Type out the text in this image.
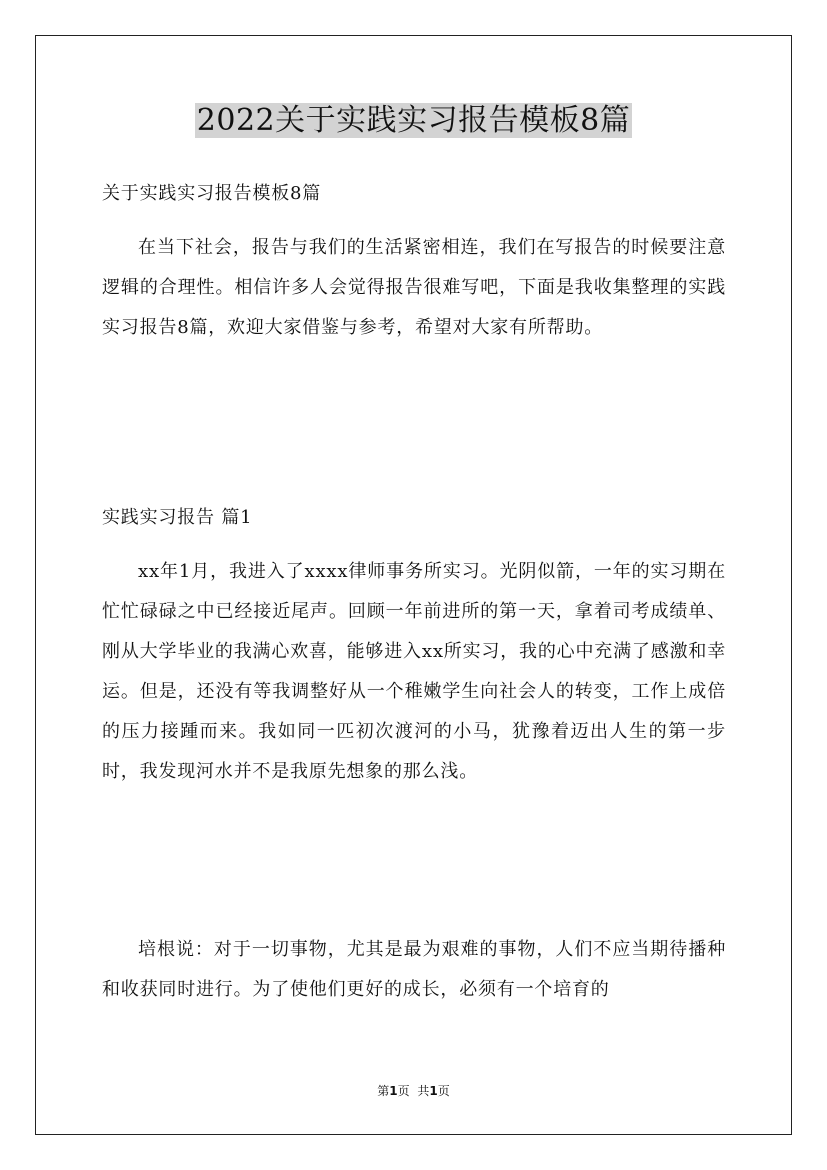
2022关于实践实习报告模板8篇

关于实践实习报告模板8篇

在当下社会，报告与我们的生活紧密相连，我们在写报告的时候要注意逻辑的合理性。相信许多人会觉得报告很难写吧，下面是我收集整理的实践实习报告8篇，欢迎大家借鉴与参考，希望对大家有所帮助。

实践实习报告 篇1

xx年1月，我进入了xxxx律师事务所实习。光阴似箭，一年的实习期在忙忙碌碌之中已经接近尾声。回顾一年前进所的第一天，拿着司考成绩单、刚从大学毕业的我满心欢喜，能够进入xx所实习，我的心中充满了感激和幸运。但是，还没有等我调整好从一个稚嫩学生向社会人的转变，工作上成倍的压力接踵而来。我如同一匹初次渡河的小马，犹豫着迈出人生的第一步时，我发现河水并不是我原先想象的那么浅。

培根说：对于一切事物，尤其是最为艰难的事物，人们不应当期待播种和收获同时进行。为了使他们更好的成长，必须有一个培育的

第1页 共1页
